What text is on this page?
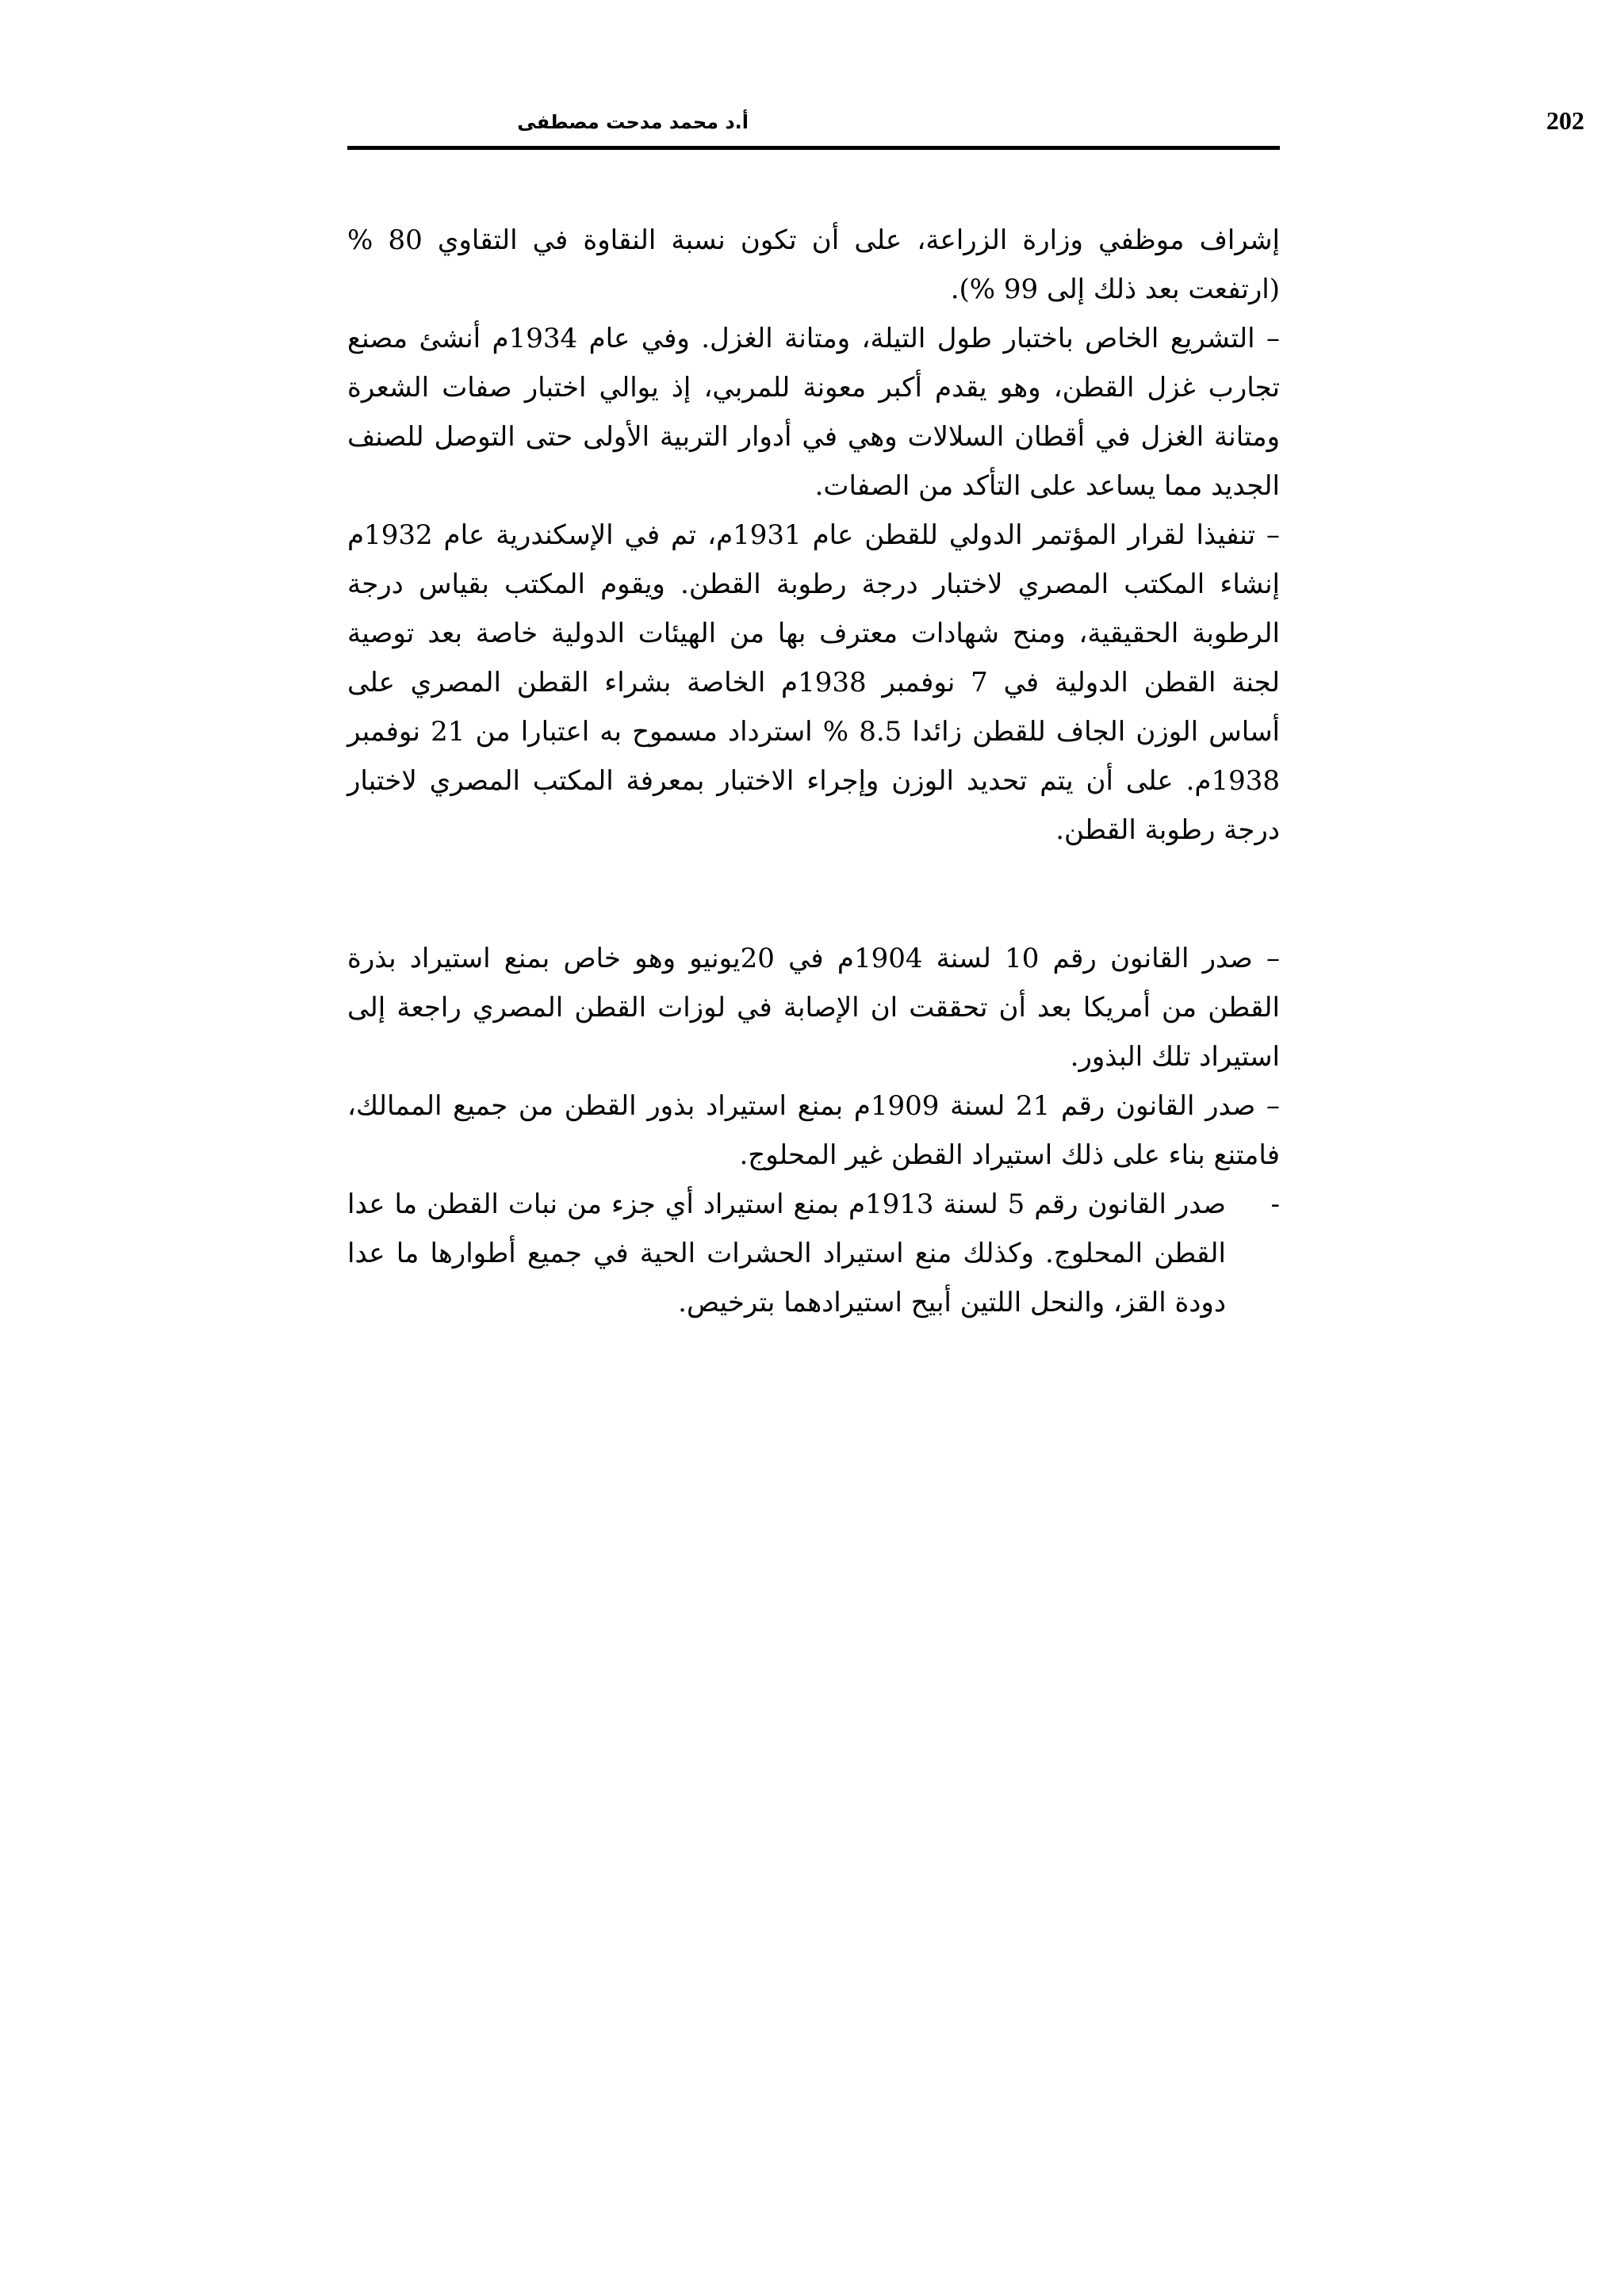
202
أ.د محمد مدحت مصطفى

إشراف موظفي وزارة الزراعة، على أن تكون نسبة النقاوة في التقاوي 80 % (ارتفعت بعد ذلك إلى 99 %).

– التشريع الخاص باختبار طول التيلة، ومتانة الغزل. وفي عام 1934م أنشئ مصنع تجارب غزل القطن، وهو يقدم أكبر معونة للمربي، إذ يوالي اختبار صفات الشعرة ومتانة الغزل في أقطان السلالات وهي في أدوار التربية الأولى حتى التوصل للصنف الجديد مما يساعد على التأكد من الصفات.

– تنفيذا لقرار المؤتمر الدولي للقطن عام 1931م، تم في الإسكندرية عام 1932م إنشاء المكتب المصري لاختبار درجة رطوبة القطن. ويقوم المكتب بقياس درجة الرطوبة الحقيقية، ومنح شهادات معترف بها من الهيئات الدولية خاصة بعد توصية لجنة القطن الدولية في 7 نوفمبر 1938م الخاصة بشراء القطن المصري على أساس الوزن الجاف للقطن زائدا 8.5 % استرداد مسموح به اعتبارا من 21 نوفمبر 1938م. على أن يتم تحديد الوزن وإجراء الاختبار بمعرفة المكتب المصري لاختبار درجة رطوبة القطن.

– صدر القانون رقم 10 لسنة 1904م في 20يونيو وهو خاص بمنع استيراد بذرة القطن من أمريكا بعد أن تحققت ان الإصابة في لوزات القطن المصري راجعة إلى استيراد تلك البذور.

– صدر القانون رقم 21 لسنة 1909م بمنع استيراد بذور القطن من جميع الممالك، فامتنع بناء على ذلك استيراد القطن غير المحلوج.

-
صدر القانون رقم 5 لسنة 1913م بمنع استيراد أي جزء من نبات القطن ما عدا القطن المحلوج. وكذلك منع استيراد الحشرات الحية في جميع أطوارها ما عدا دودة القز، والنحل اللتين أبيح استيرادهما بترخيص.
